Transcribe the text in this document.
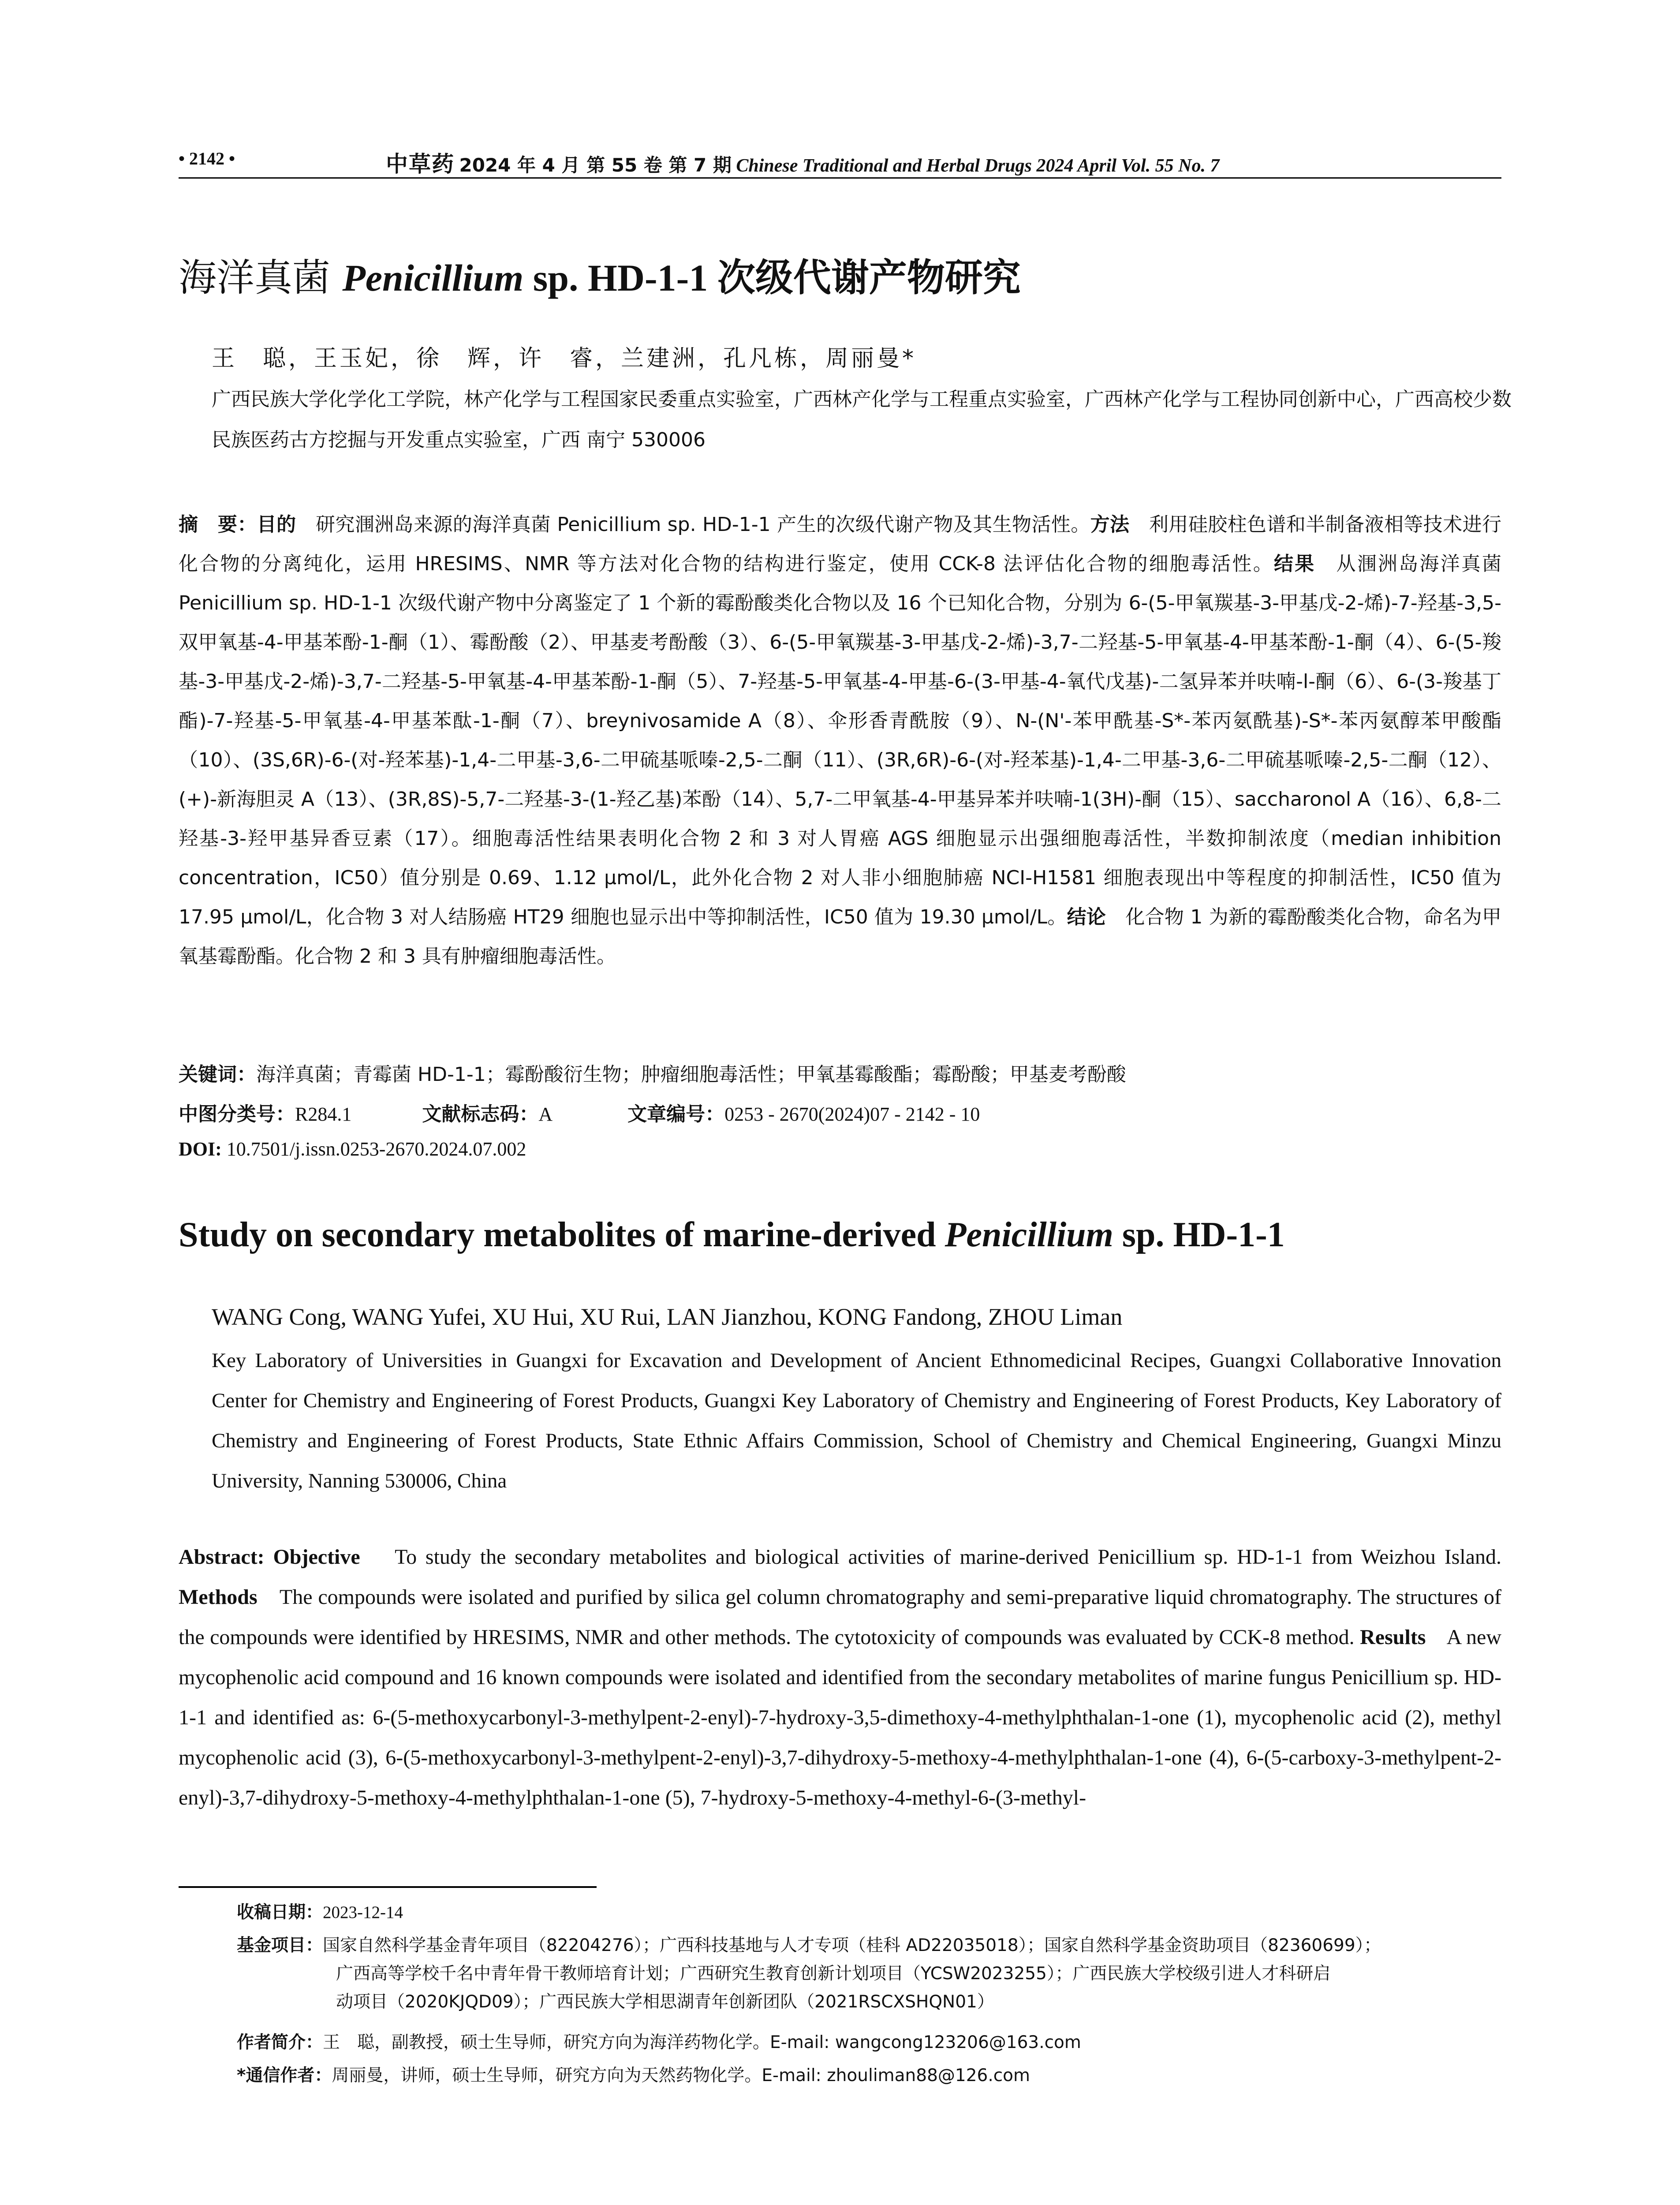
• 2142 •	中草药 2024 年 4 月 第 55 卷 第 7 期 Chinese Traditional and Herbal Drugs 2024 April Vol. 55 No. 7
海洋真菌 Penicillium sp. HD-1-1 次级代谢产物研究
王　聪，王玉妃，徐　辉，许　睿，兰建洲，孔凡栋，周丽曼*
广西民族大学化学化工学院，林产化学与工程国家民委重点实验室，广西林产化学与工程重点实验室，广西林产化学与工程协同创新中心，广西高校少数民族医药古方挖掘与开发重点实验室，广西 南宁 530006
摘　要：目的　 研究涠洲岛来源的海洋真菌 Penicillium sp. HD-1-1 产生的次级代谢产物及其生物活性。方法　 利用硅胶柱色谱和半制备液相等技术进行化合物的分离纯化，运用 HRESIMS、NMR 等方法对化合物的结构进行鉴定，使用 CCK-8 法评估化合物的细胞毒活性。结果　 从涠洲岛海洋真菌 Penicillium sp. HD-1-1 次级代谢产物中分离鉴定了 1 个新的霉酚酸类化合物以及 16 个已知化合物，分别为 6-(5-甲氧羰基-3-甲基戊-2-烯)-7-羟基-3,5-双甲氧基-4-甲基苯酚-1-酮（1）、霉酚酸（2）、甲基麦考酚酸（3）、6-(5-甲氧羰基-3-甲基戊-2-烯)-3,7-二羟基-5-甲氧基-4-甲基苯酚-1-酮（4）、6-(5-羧基-3-甲基戊-2-烯)-3,7-二羟基-5-甲氧基-4-甲基苯酚-1-酮（5）、7-羟基-5-甲氧基-4-甲基-6-(3-甲基-4-氧代戊基)-二氢异苯并呋喃-l-酮（6）、6-(3-羧基丁酯)-7-羟基-5-甲氧基-4-甲基苯酞-1-酮（7）、breynivosamide A（8）、伞形香青酰胺（9）、N-(N'-苯甲酰基-S*-苯丙氨酰基)-S*-苯丙氨醇苯甲酸酯（10）、(3S,6R)-6-(对-羟苯基)-1,4-二甲基-3,6-二甲硫基哌嗪-2,5-二酮（11）、(3R,6R)-6-(对-羟苯基)-1,4-二甲基-3,6-二甲硫基哌嗪-2,5-二酮（12）、(+)-新海胆灵 A（13）、(3R,8S)-5,7-二羟基-3-(1-羟乙基)苯酚（14）、5,7-二甲氧基-4-甲基异苯并呋喃-1(3H)-酮（15）、saccharonol A（16）、6,8-二羟基-3-羟甲基异香豆素（17）。细胞毒活性结果表明化合物 2 和 3 对人胃癌 AGS 细胞显示出强细胞毒活性，半数抑制浓度（median inhibition concentration，IC50）值分别是 0.69、1.12 μmol/L，此外化合物 2 对人非小细胞肺癌 NCI-H1581 细胞表现出中等程度的抑制活性，IC50 值为 17.95 μmol/L，化合物 3 对人结肠癌 HT29 细胞也显示出中等抑制活性，IC50 值为 19.30 μmol/L。结论　 化合物 1 为新的霉酚酸类化合物，命名为甲氧基霉酚酯。化合物 2 和 3 具有肿瘤细胞毒活性。
关键词：海洋真菌；青霉菌 HD-1-1；霉酚酸衍生物；肿瘤细胞毒活性；甲氧基霉酸酯；霉酚酸；甲基麦考酚酸
中图分类号：R284.1	文献标志码：A	文章编号：0253 - 2670(2024)07 - 2142 - 10
DOI: 10.7501/j.issn.0253-2670.2024.07.002
Study on secondary metabolites of marine-derived Penicillium sp. HD-1-1
WANG Cong, WANG Yufei, XU Hui, XU Rui, LAN Jianzhou, KONG Fandong, ZHOU Liman
Key Laboratory of Universities in Guangxi for Excavation and Development of Ancient Ethnomedicinal Recipes, Guangxi Collaborative Innovation Center for Chemistry and Engineering of Forest Products, Guangxi Key Laboratory of Chemistry and Engineering of Forest Products, Key Laboratory of Chemistry and Engineering of Forest Products, State Ethnic Affairs Commission, School of Chemistry and Chemical Engineering, Guangxi Minzu University, Nanning 530006, China
Abstract: Objective To study the secondary metabolites and biological activities of marine-derived Penicillium sp. HD-1-1 from Weizhou Island. Methods The compounds were isolated and purified by silica gel column chromatography and semi-preparative liquid chromatography. The structures of the compounds were identified by HRESIMS, NMR and other methods. The cytotoxicity of compounds was evaluated by CCK-8 method. Results A new mycophenolic acid compound and 16 known compounds were isolated and identified from the secondary metabolites of marine fungus Penicillium sp. HD-1-1 and identified as: 6-(5-methoxycarbonyl-3-methylpent-2-enyl)-7-hydroxy-3,5-dimethoxy-4-methylphthalan-1-one (1), mycophenolic acid (2), methyl mycophenolic acid (3), 6-(5-methoxycarbonyl-3-methylpent-2-enyl)-3,7-dihydroxy-5-methoxy-4-methylphthalan-1-one (4), 6-(5-carboxy-3-methylpent-2-enyl)-3,7-dihydroxy-5-methoxy-4-methylphthalan-1-one (5), 7-hydroxy-5-methoxy-4-methyl-6-(3-methyl-
收稿日期：2023-12-14
基金项目：国家自然科学基金青年项目（82204276）；广西科技基地与人才专项（桂科 AD22035018）；国家自然科学基金资助项目（82360699）；
广西高等学校千名中青年骨干教师培育计划；广西研究生教育创新计划项目（YCSW2023255）；广西民族大学校级引进人才科研启
动项目（2020KJQD09）；广西民族大学相思湖青年创新团队（2021RSCXSHQN01）
作者简介：王　聪，副教授，硕士生导师，研究方向为海洋药物化学。E-mail: wangcong123206@163.com
*通信作者：周丽曼，讲师，硕士生导师，研究方向为天然药物化学。E-mail: zhouliman88@126.com
